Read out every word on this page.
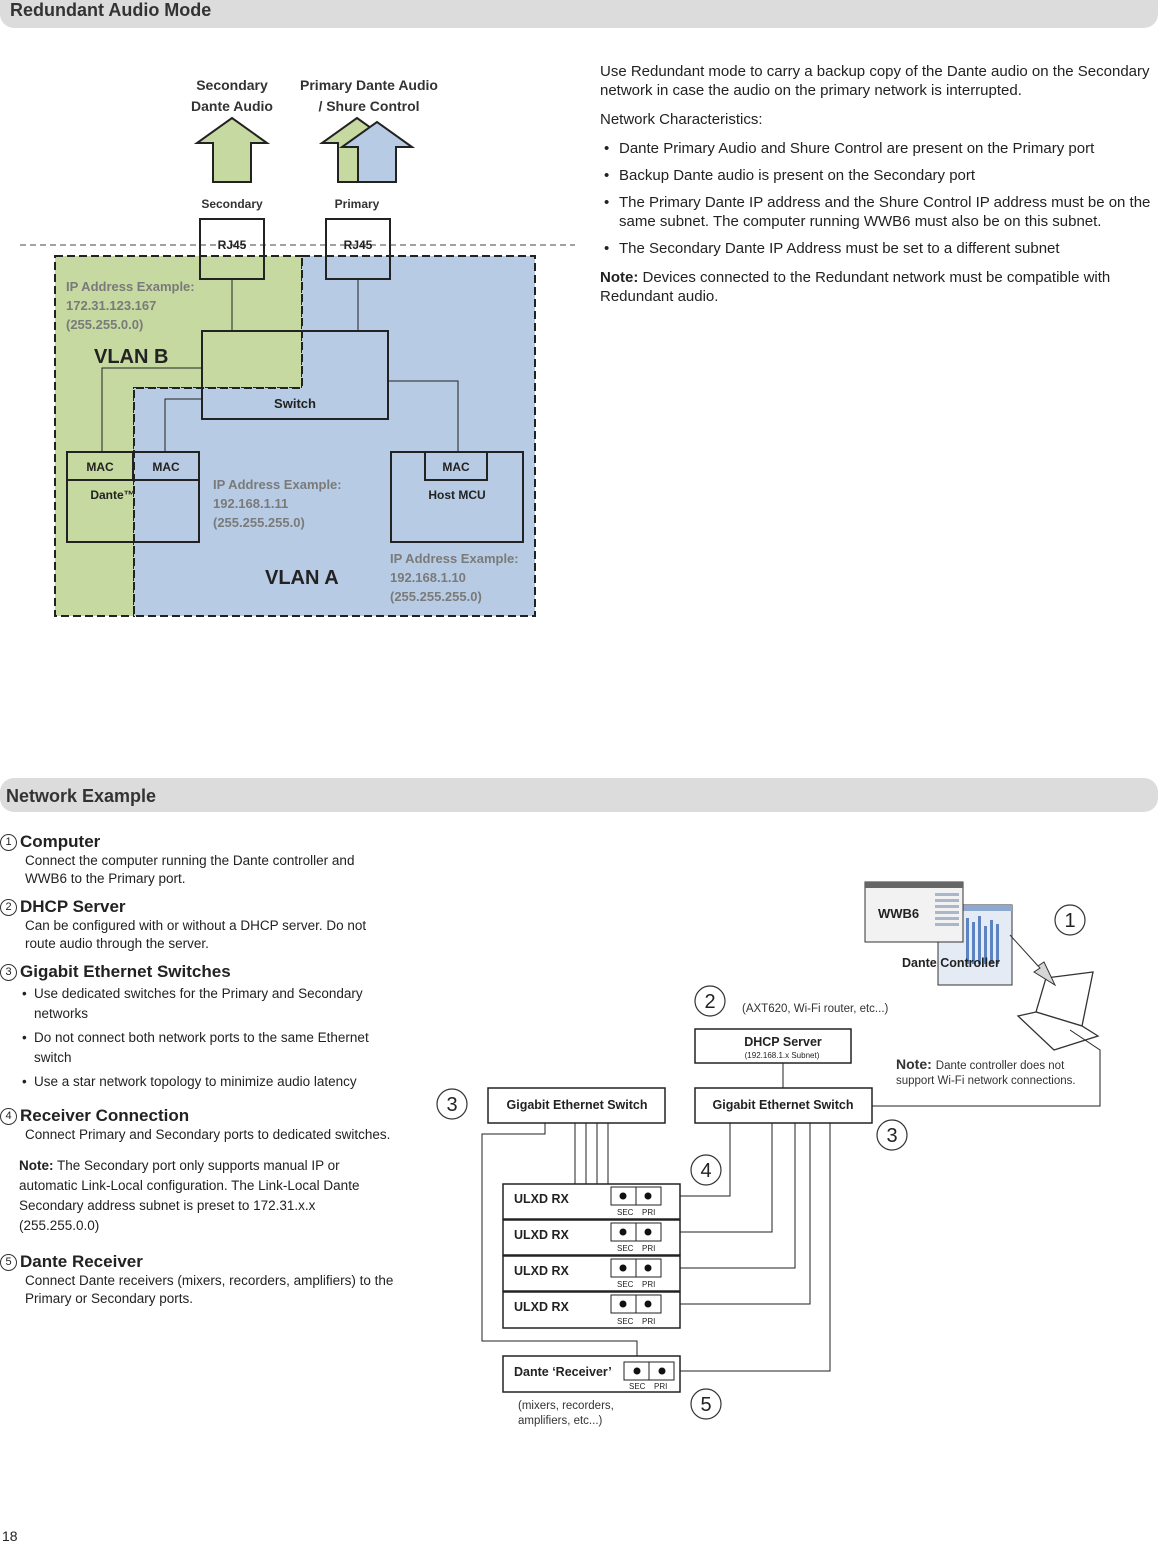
Redundant Audio Mode
Secondary
Dante Audio
Primary Dante Audio
/ Shure Control
Secondary	Primary
RJ45	RJ45
Switch
IP Address Example:
172.31.123.167
(255.255.0.0)
VLAN B
MAC	MAC
Dante™
MAC
Host MCU
IP Address Example:
192.168.1.11
(255.255.255.0)
IP Address Example:
192.168.1.10
(255.255.255.0)
VLAN A

Use Redundant mode to carry a backup copy of the Dante audio on the Secondary network in case the audio on the primary network is interrupted.

Network Characteristics:

• Dante Primary Audio and Shure Control are present on the Primary port
• Backup Dante audio is present on the Secondary port
• The Primary Dante IP address and the Shure Control IP address must be on the same subnet. The computer running WWB6 must also be on this subnet.
• The Secondary Dante IP Address must be set to a different subnet

Note: Devices connected to the Redundant network must be compatible with Redundant audio.

Network Example
1 Computer
Connect the computer running the Dante controller and WWB6 to the Primary port.
2 DHCP Server
Can be configured with or without a DHCP server. Do not route audio through the server.
3 Gigabit Ethernet Switches
• Use dedicated switches for the Primary and Secondary networks
• Do not connect both network ports to the same Ethernet switch
• Use a star network topology to minimize audio latency
4 Receiver Connection
Connect Primary and Secondary ports to dedicated switches.
Note: The Secondary port only supports manual IP or automatic Link-Local configuration. The Link-Local Dante Secondary address subnet is preset to 172.31.x.x (255.255.0.0)
5 Dante Receiver
Connect Dante receivers (mixers, recorders, amplifiers) to the Primary or Secondary ports.
Dante Controller
WWB6	1
2
3
3
4
5
(AXT620, Wi-Fi router, etc...)
DHCP Server
(192.168.1.x Subnet)
Note: Dante controller does not
support Wi-Fi network connections.
Gigabit Ethernet Switch	Gigabit Ethernet Switch
ULXD RX
ULXD RX
ULXD RX
ULXD RX
SEC PRI
SEC PRI
SEC PRI
SEC PRI
Dante ‘Receiver’
SEC PRI
(mixers, recorders,
amplifiers, etc...)
18
